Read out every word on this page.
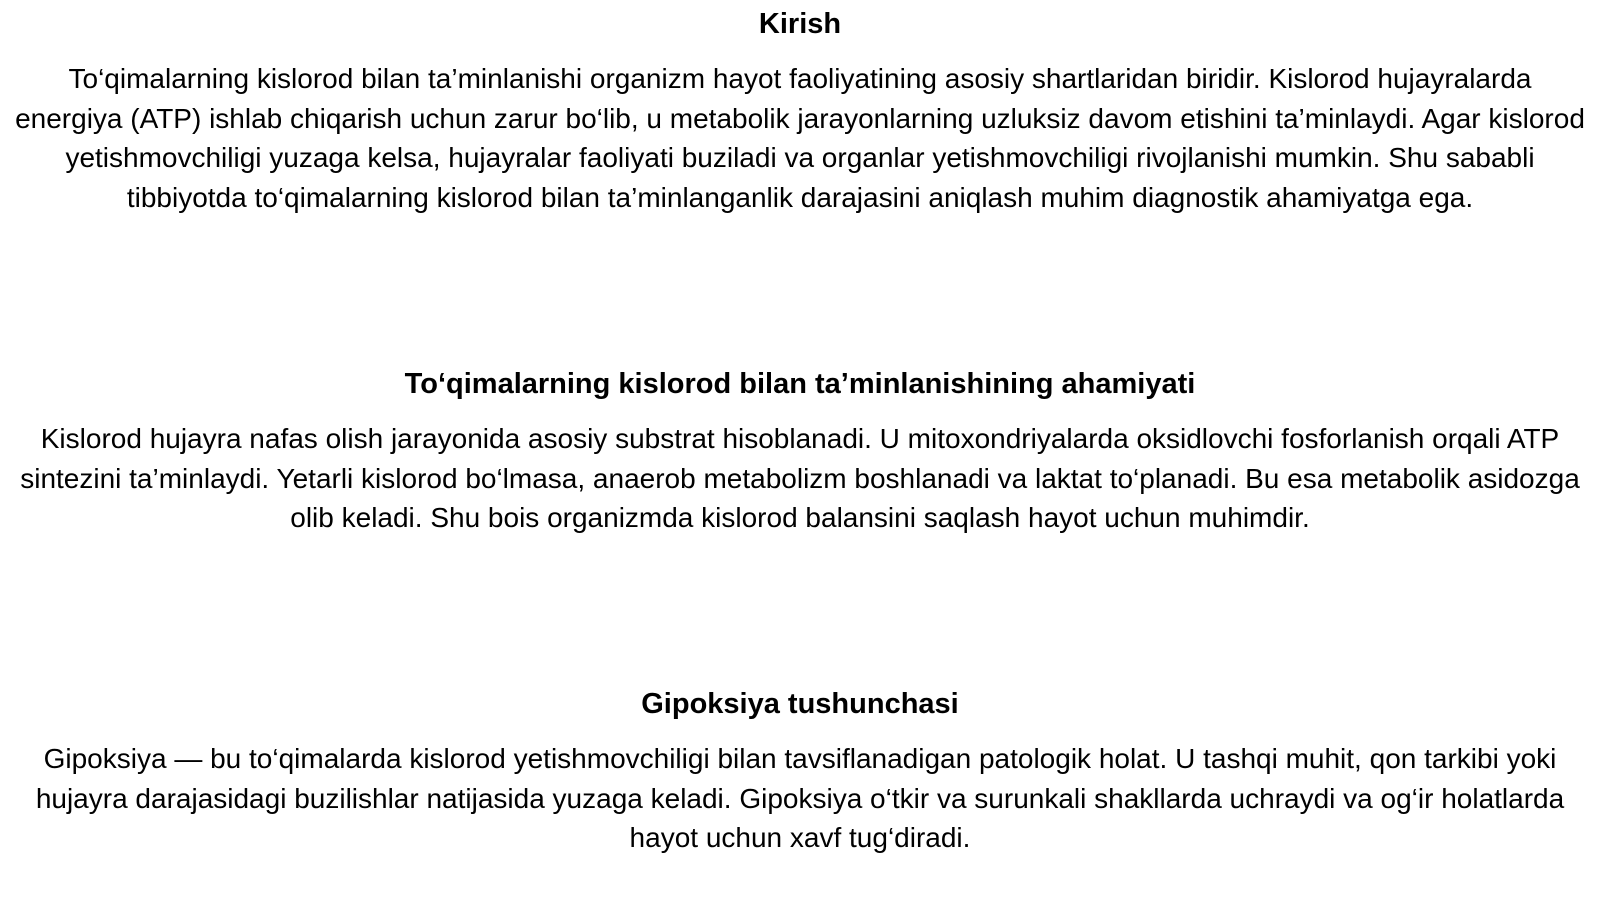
Kirish

To‘qimalarning kislorod bilan ta’minlanishi organizm hayot faoliyatining asosiy shartlaridan biridir. Kislorod hujayralarda energiya (ATP) ishlab chiqarish uchun zarur bo‘lib, u metabolik jarayonlarning uzluksiz davom etishini ta’minlaydi. Agar kislorod yetishmovchiligi yuzaga kelsa, hujayralar faoliyati buziladi va organlar yetishmovchiligi rivojlanishi mumkin. Shu sababli tibbiyotda to‘qimalarning kislorod bilan ta’minlanganlik darajasini aniqlash muhim diagnostik ahamiyatga ega.

To‘qimalarning kislorod bilan ta’minlanishining ahamiyati

Kislorod hujayra nafas olish jarayonida asosiy substrat hisoblanadi. U mitoxondriyalarda oksidlovchi fosforlanish orqali ATP sintezini ta’minlaydi. Yetarli kislorod bo‘lmasa, anaerob metabolizm boshlanadi va laktat to‘planadi. Bu esa metabolik asidozga olib keladi. Shu bois organizmda kislorod balansini saqlash hayot uchun muhimdir.

Gipoksiya tushunchasi

Gipoksiya — bu to‘qimalarda kislorod yetishmovchiligi bilan tavsiflanadigan patologik holat. U tashqi muhit, qon tarkibi yoki hujayra darajasidagi buzilishlar natijasida yuzaga keladi. Gipoksiya o‘tkir va surunkali shakllarda uchraydi va og‘ir holatlarda hayot uchun xavf tug‘diradi.
